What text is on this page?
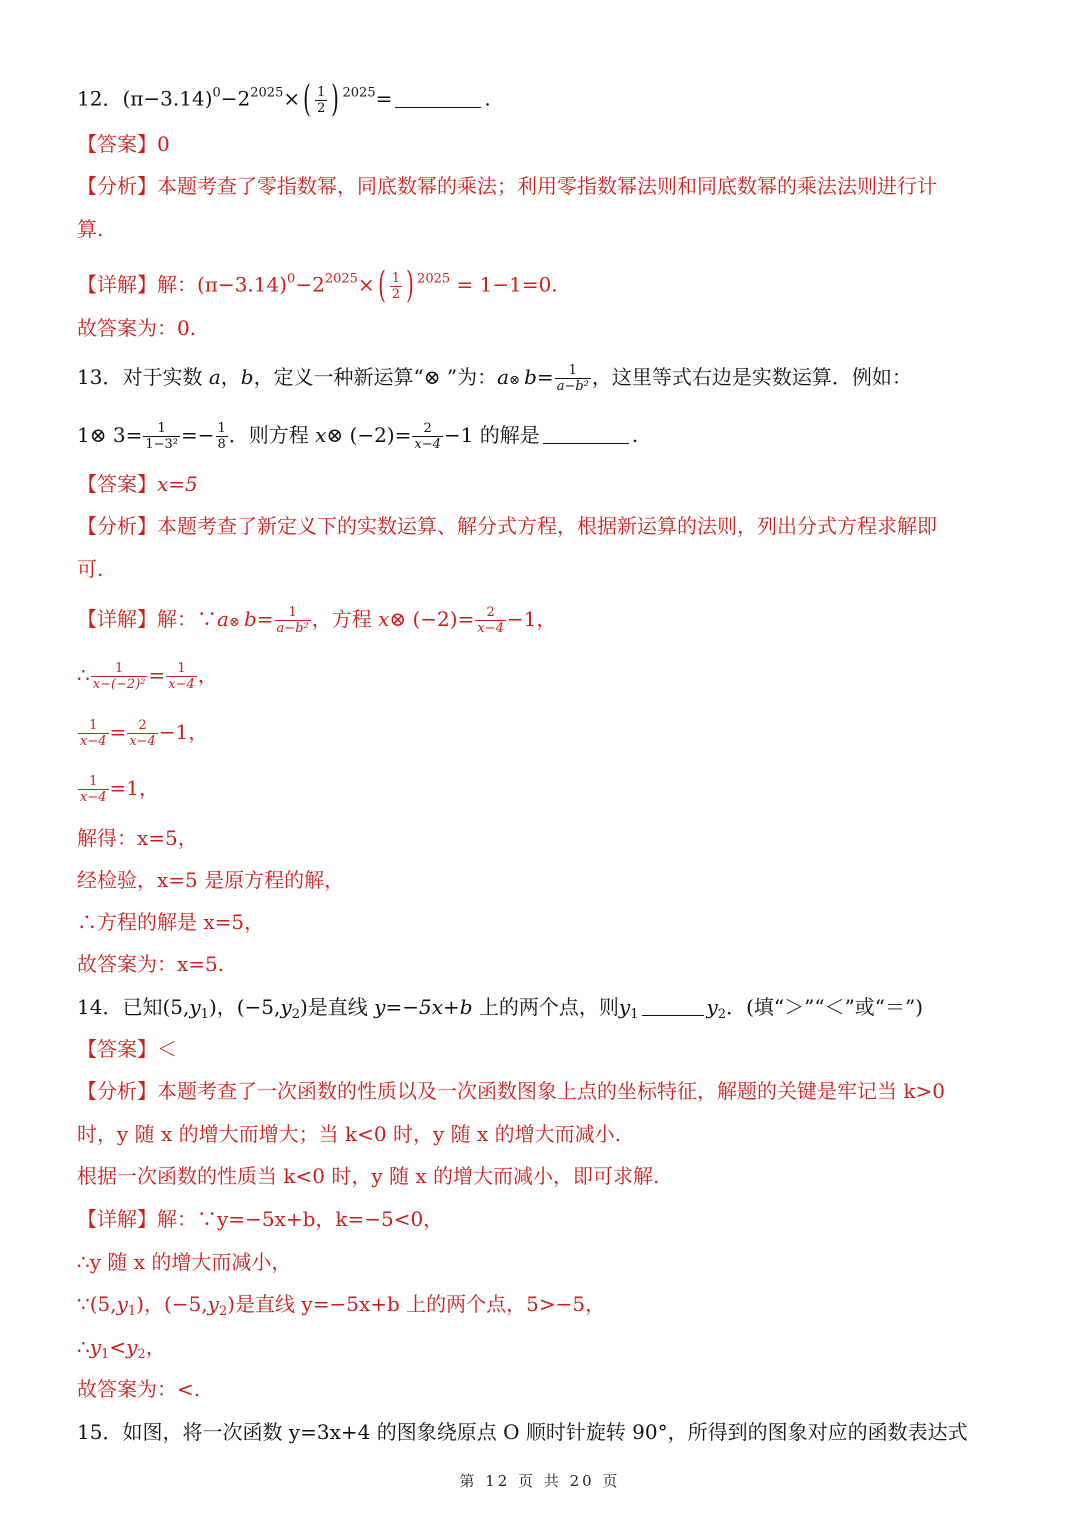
12．$(\pi-3.14)^0-2^{2025}\times$ ( $\frac{1}{2}$ ) $^{2025}$=	.
【答案】0
【分析】本题考查了零指数幂，同底数幂的乘法；利用零指数幂法则和同底数幂的乘法法则进行计
算.
【详解】解：$(\pi-3.14)^0-2^{2025}\times$ ( $\frac{1}{2}$ ) $^{2025}$ = 1−1=0.
故答案为：0.
13．对于实数 a，b，定义一种新运算“⊗ ”为：a⊗ $b= \frac{1}{\text{a−b²}}$ ，这里等式右边是实数运算．例如：
1⊗ $3= \frac{1}{\text{1−3²}} =- \frac{1}{8}$ ．则方程 x⊗ $(-2)= \frac{2}{x-4} -1$ 的解是	.
【答案】x=5
【分析】本题考查了新定义下的实数运算、解分式方程，根据新运算的法则，列出分式方程求解即
可.
【详解】解：∵a⊗ $b= \frac{1}{\text{a−b²}}$ ，方程 x⊗ $(-2)= \frac{2}{x-4} -1$，
∴ $\frac{1}{\text{x−(−2)²}} = \frac{1}{x-4}$ ，
$\frac{1}{x-4} = \frac{2}{x-4} -1$，
$\frac{1}{x-4} =1$，
解得：x=5，
经检验，x=5 是原方程的解，
∴方程的解是 x=5，
故答案为：x=5.
14．已知$(5,y_1)$，$(-5,y_2)$是直线 y=−5x+b 上的两个点，则$y_1$	$y_2$．(填“＞”“＜”或“＝”)
【答案】＜
【分析】本题考查了一次函数的性质以及一次函数图象上点的坐标特征，解题的关键是牢记当 k>0
时，y 随 x 的增大而增大；当 k<0 时，y 随 x 的增大而减小.
根据一次函数的性质当 k<0 时，y 随 x 的增大而减小，即可求解.
【详解】解：∵y=−5x+b，k=−5<0，
∴y 随 x 的增大而减小，
$\because(5,y_1)$，$(-5,y_2)$是直线 y=−5x+b 上的两个点，5>−5，
$\therefore y_1<y_2$，
故答案为：<.
15．如图，将一次函数 y=3x+4 的图象绕原点 O 顺时针旋转 90°，所得到的图象对应的函数表达式
第 12 页 共 20 页
